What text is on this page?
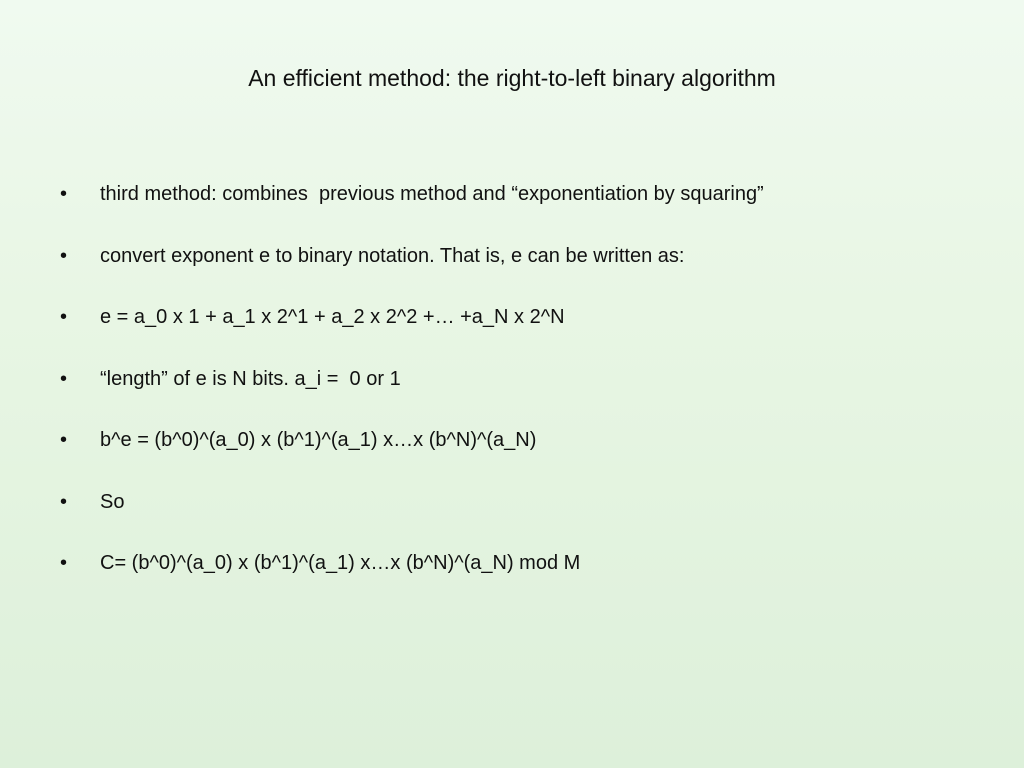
An efficient method: the right-to-left binary algorithm
•	third method: combines  previous method and “exponentiation by squaring”
•	convert exponent e to binary notation. That is, e can be written as:
•	e = a_0 x 1 + a_1 x 2^1 + a_2 x 2^2 +… +a_N x 2^N
•	“length” of e is N bits. a_i =  0 or 1
•	b^e = (b^0)^(a_0) x (b^1)^(a_1) x…x (b^N)^(a_N)
•	So
•	C= (b^0)^(a_0) x (b^1)^(a_1) x…x (b^N)^(a_N) mod M
